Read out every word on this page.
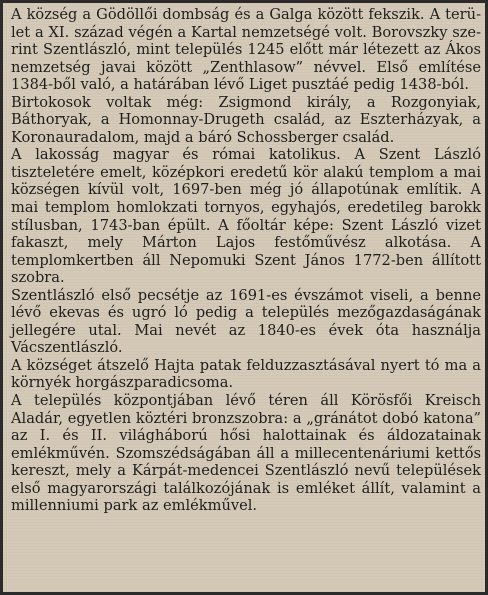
A község a Gödöllői dombság és a Galga között fekszik. A terület a XI. század végén a Kartal nemzetségé volt. Borovszky szerint Szentlászló, mint település 1245 előtt már létezett az Ákos nemzetség javai között „Zenthlasow” névvel. Első említése 1384-ből való, a határában lévő Liget pusztáé pedig 1438-ból.

Birtokosok voltak még: Zsigmond király, a Rozgonyiak, Báthoryak, a Homonnay-Drugeth család, az Eszterházyak, a Koronauradalom, majd a báró Schossberger család.

A lakosság magyar és római katolikus. A Szent László tiszteletére emelt, középkori eredetű kör alakú templom a mai községen kívül volt, 1697-ben még jó állapotúnak említik. A mai templom homlokzati tornyos, egyhajós, eredetileg barokk stílusban, 1743-ban épült. A főoltár képe: Szent László vizet fakaszt, mely Márton Lajos festőművész alkotása. A templomkertben áll Nepomuki Szent János 1772-ben állított szobra.

Szentlászló első pecsétje az 1691-es évszámot viseli, a benne lévő ekevas és ugró ló pedig a település mezőgazdaságának jellegére utal. Mai nevét az 1840-es évek óta használja Vácszentlászló.

A községet átszelő Hajta patak felduzzasztásával nyert tó ma a környék horgászparadicsoma.

A település központjában lévő téren áll Körösfői Kreisch Aladár, egyetlen köztéri bronzszobra: a „gránátot dobó katona” az I. és II. világháború hősi halottainak és áldozatainak emlékművén. Szomszédságában áll a millecentenáriumi kettős kereszt, mely a Kárpát-medencei Szentlászló nevű települések első magyarországi találkozójának is emléket állít, valamint a millenniumi park az emlékművel.
